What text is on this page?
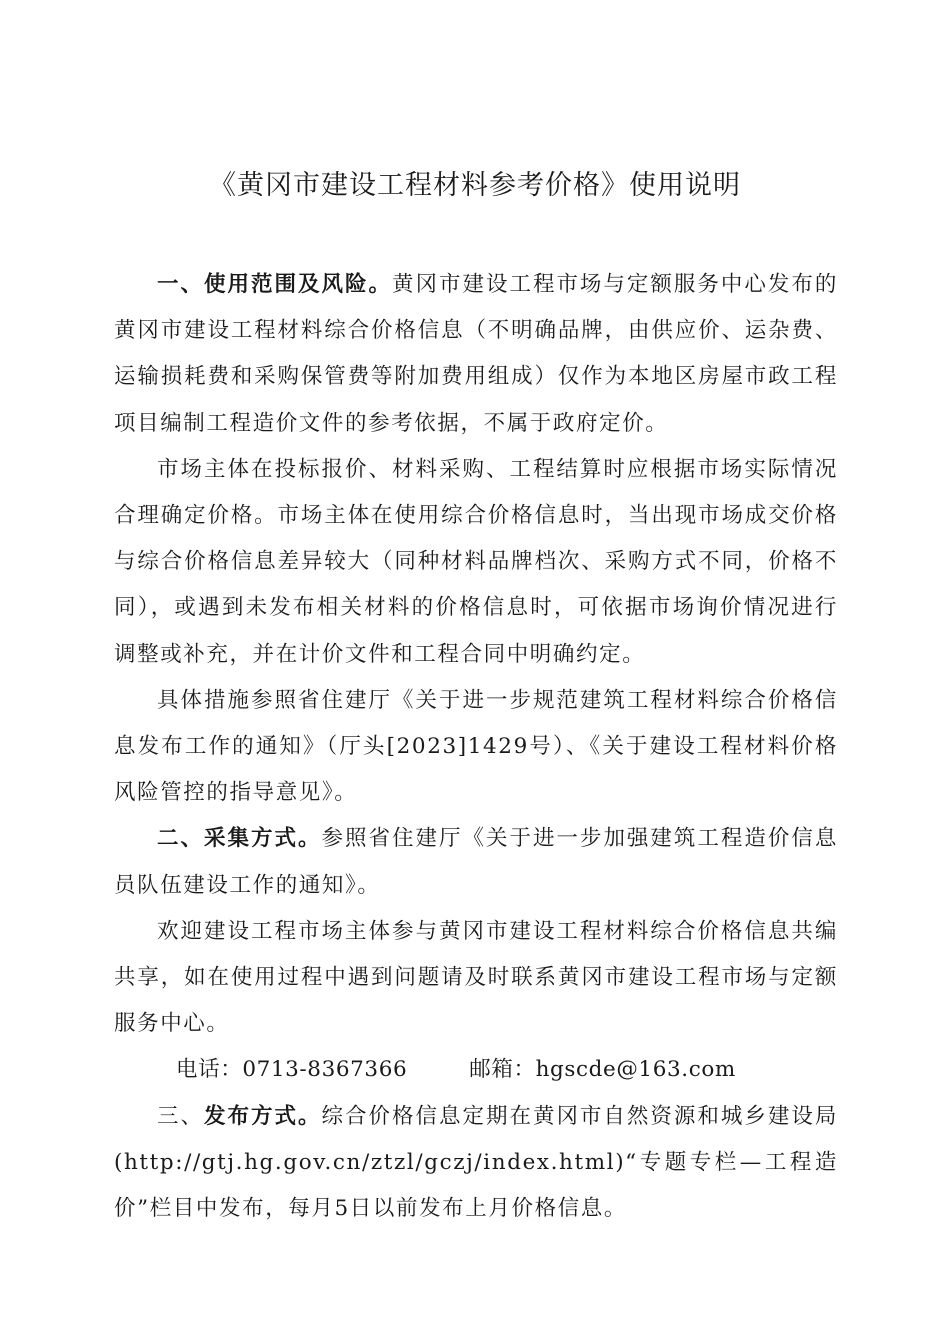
《黄冈市建设工程材料参考价格》使用说明

一、使用范围及风险。黄冈市建设工程市场与定额服务中心发布的黄冈市建设工程材料综合价格信息（不明确品牌，由供应价、运杂费、运输损耗费和采购保管费等附加费用组成）仅作为本地区房屋市政工程项目编制工程造价文件的参考依据，不属于政府定价。

市场主体在投标报价、材料采购、工程结算时应根据市场实际情况合理确定价格。市场主体在使用综合价格信息时，当出现市场成交价格与综合价格信息差异较大（同种材料品牌档次、采购方式不同，价格不同），或遇到未发布相关材料的价格信息时，可依据市场询价情况进行调整或补充，并在计价文件和工程合同中明确约定。

具体措施参照省住建厅《关于进一步规范建筑工程材料综合价格信息发布工作的通知》（厅头[2023]1429号）、《关于建设工程材料价格风险管控的指导意见》。

二、采集方式。参照省住建厅《关于进一步加强建筑工程造价信息员队伍建设工作的通知》。

欢迎建设工程市场主体参与黄冈市建设工程材料综合价格信息共编共享，如在使用过程中遇到问题请及时联系黄冈市建设工程市场与定额服务中心。

电话：0713-8367366	邮箱：hgscde@163.com

三、发布方式。综合价格信息定期在黄冈市自然资源和城乡建设局(http://gtj.hg.gov.cn/ztzl/gczj/index.html)“专题专栏—工程造价”栏目中发布，每月5日以前发布上月价格信息。
